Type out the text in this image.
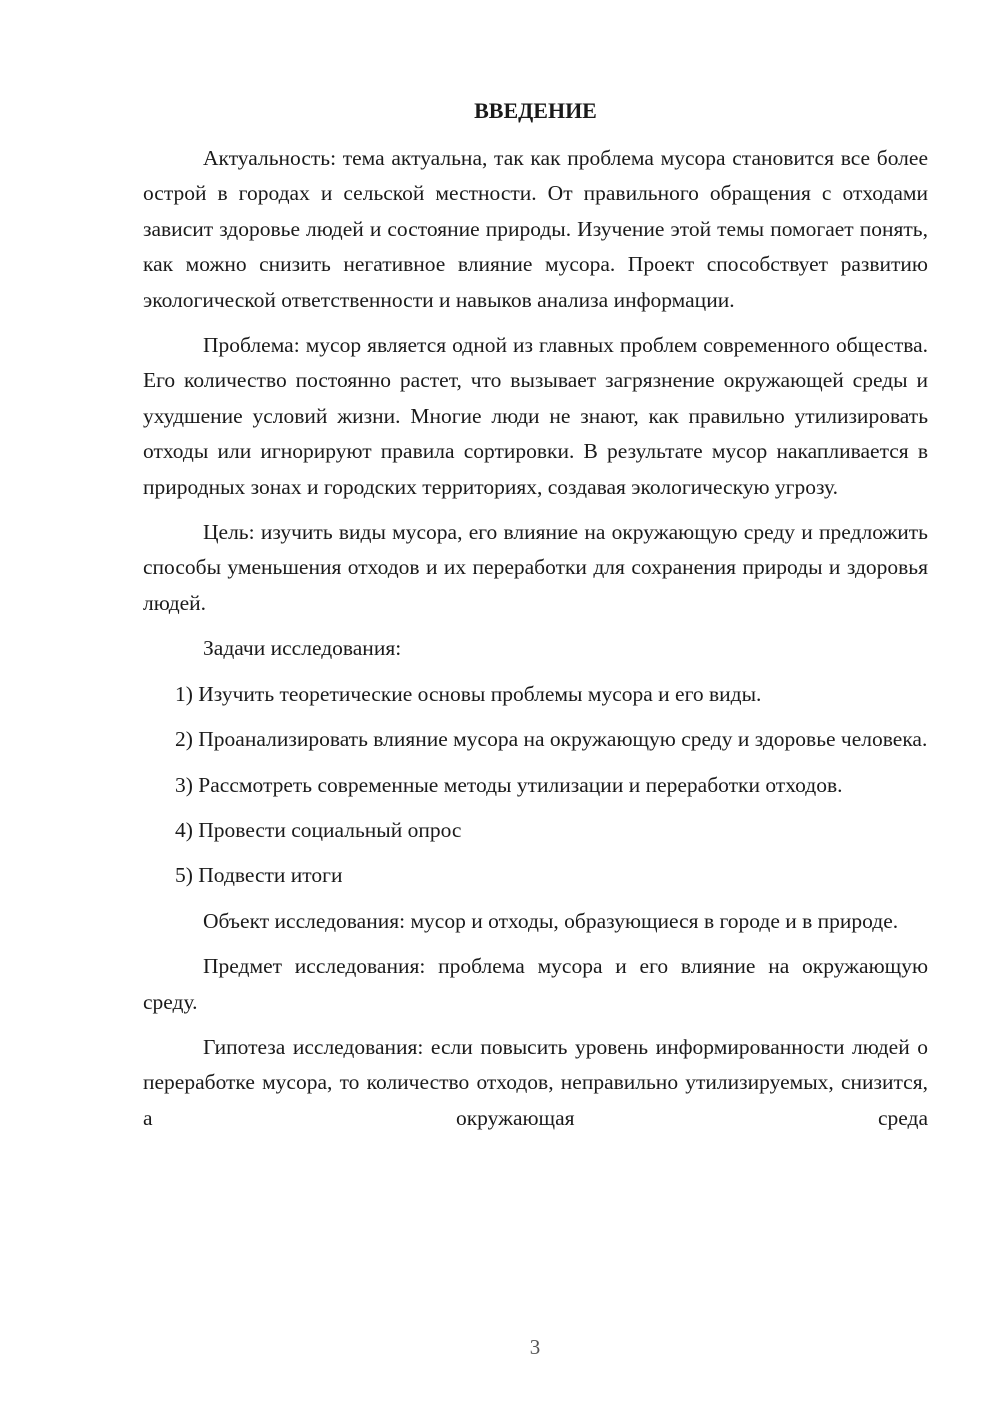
ВВЕДЕНИЕ

Актуальность: тема актуальна, так как проблема мусора становится все более острой в городах и сельской местности. От правильного обращения с отходами зависит здоровье людей и состояние природы. Изучение этой темы помогает понять, как можно снизить негативное влияние мусора. Проект способствует развитию экологической ответственности и навыков анализа информации.

Проблема: мусор является одной из главных проблем современного общества. Его количество постоянно растет, что вызывает загрязнение окружающей среды и ухудшение условий жизни. Многие люди не знают, как правильно утилизировать отходы или игнорируют правила сортировки. В результате мусор накапливается в природных зонах и городских территориях, создавая экологическую угрозу.

Цель: изучить виды мусора, его влияние на окружающую среду и предложить способы уменьшения отходов и их переработки для сохранения природы и здоровья людей.

Задачи исследования:

1) Изучить теоретические основы проблемы мусора и его виды.

2) Проанализировать влияние мусора на окружающую среду и здоровье человека.

3) Рассмотреть современные методы утилизации и переработки отходов.

4) Провести социальный опрос

5) Подвести итоги

Объект исследования: мусор и отходы, образующиеся в городе и в природе.

Предмет исследования: проблема мусора и его влияние на окружающую среду.

Гипотеза исследования: если повысить уровень информированности людей о переработке мусора, то количество отходов, неправильно утилизируемых, снизится, а окружающая среда

3
